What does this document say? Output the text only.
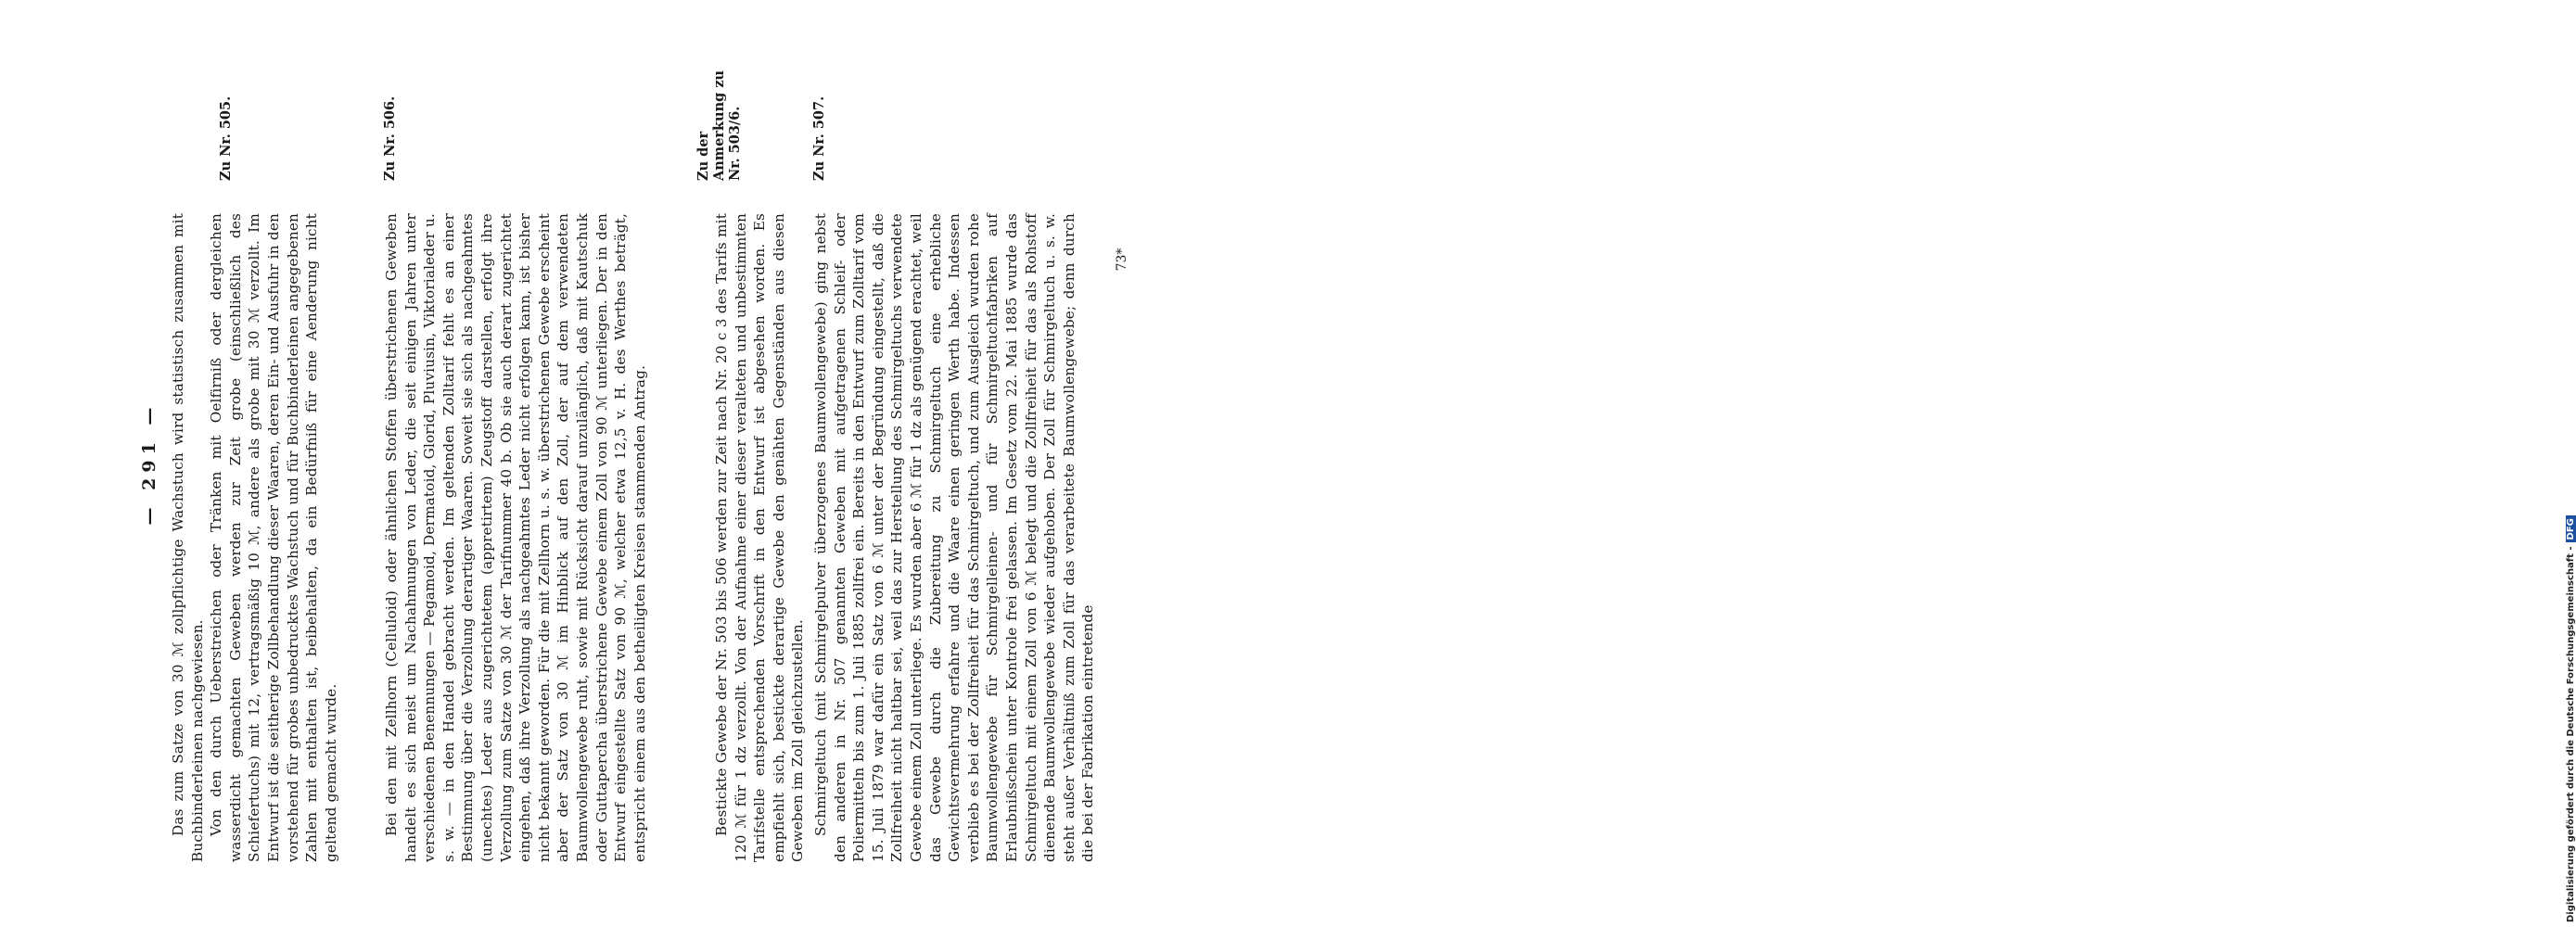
— 291 — Das zum Satze von 30 ℳ zollpflichtige Wachstuch wird statistisch zusammen mit Buchbinderleinen nachgewiesen. Von den durch Ueberstreichen oder Tränken mit Oelfirniß oder dergleichen wasserdicht gemachten Geweben werden zur Zeit grobe (einschließlich des Schiefertuchs) mit 12, vertragsmäßig 10 ℳ, andere als grobe mit 30 ℳ verzollt. Im Entwurf ist die seitherige Zollbehandlung dieser Waaren, deren Ein- und Ausfuhr in den vorstehend für grobes unbedrucktes Wachstuch und für Buchbinderleinen angegebenen Zahlen mit enthalten ist, beibehalten, da ein Bedürfniß für eine Aenderung nicht geltend gemacht wurde.

Zu Nr. 505.

Bei den mit Zellhorn (Celluloid) oder ähnlichen Stoffen überstrichenen Geweben handelt es sich meist um Nachahmungen von Leder, die seit einigen Jahren unter verschiedenen Benennungen — Pegamoid, Dermatoid, Glorid, Pluviusin, Viktorialeder u. s. w. — in den Handel gebracht werden. Im geltenden Zolltarif fehlt es an einer Bestimmung über die Verzollung derartiger Waaren. Soweit sie sich als nachgeahmtes (unechtes) Leder aus zugerichtetem (appretirtem) Zeugstoff darstellen, erfolgt ihre Verzollung zum Satze von 30 ℳ der Tarifnummer 40 b. Ob sie auch derart zugerichtet eingehen, daß ihre Verzollung als nachgeahmtes Leder nicht erfolgen kann, ist bisher nicht bekannt geworden. Für die mit Zellhorn u. s. w. überstrichenen Gewebe erscheint aber der Satz von 30 ℳ im Hinblick auf den Zoll, der auf dem verwendeten Baumwollengewebe ruht, sowie mit Rücksicht darauf unzulänglich, daß mit Kautschuk oder Guttapercha überstrichene Gewebe einem Zoll von 90 ℳ unterliegen. Der in den Entwurf eingestellte Satz von 90 ℳ, welcher etwa 12,5 v. H. des Werthes beträgt, entspricht einem aus den betheiligten Kreisen stammenden Antrag.

Zu Nr. 506.

Bestickte Gewebe der Nr. 503 bis 506 werden zur Zeit nach Nr. 20 c 3 des Tarifs mit 120 ℳ für 1 dz verzollt. Von der Aufnahme einer dieser veralteten und unbestimmten Tarifstelle entsprechenden Vorschrift in den Entwurf ist abgesehen worden. Es empfiehlt sich, bestickte derartige Gewebe den genähten Gegenständen aus diesen Geweben im Zoll gleichzustellen.

Zu der Anmerkung zu Nr. 503/6.

Schmirgeltuch (mit Schmirgelpulver überzogenes Baumwollengewebe) ging nebst den anderen in Nr. 507 genannten Geweben mit aufgetragenen Schleif- oder Poliermitteln bis zum 1. Juli 1885 zollfrei ein. Bereits in den Entwurf zum Zolltarif vom 15. Juli 1879 war dafür ein Satz von 6 ℳ unter der Begründung eingestellt, daß die Zollfreiheit nicht haltbar sei, weil das zur Herstellung des Schmirgeltuchs verwendete Gewebe einem Zoll unterliege. Es wurden aber 6 ℳ für 1 dz als genügend erachtet, weil das Gewebe durch die Zubereitung zu Schmirgeltuch eine erhebliche Gewichtsvermehrung erfahre und die Waare einen geringen Werth habe. Indessen verblieb es bei der Zollfreiheit für das Schmirgeltuch, und zum Ausgleich wurden rohe Baumwollengewebe für Schmirgelleinen- und für Schmirgeltuchfabriken auf Erlaubnißschein unter Kontrole frei gelassen. Im Gesetz vom 22. Mai 1885 wurde das Schmirgeltuch mit einem Zoll von 6 ℳ belegt und die Zollfreiheit für das als Rohstoff dienende Baumwollengewebe wieder aufgehoben. Der Zoll für Schmirgeltuch u. s. w. steht außer Verhältniß zum Zoll für das verarbeitete Baumwollengewebe; denn durch die bei der Fabrikation eintretende

Zu Nr. 507.
73*
Digitalisierung gefördert durch die Deutsche Forschungsgemeinschaft -DFG
